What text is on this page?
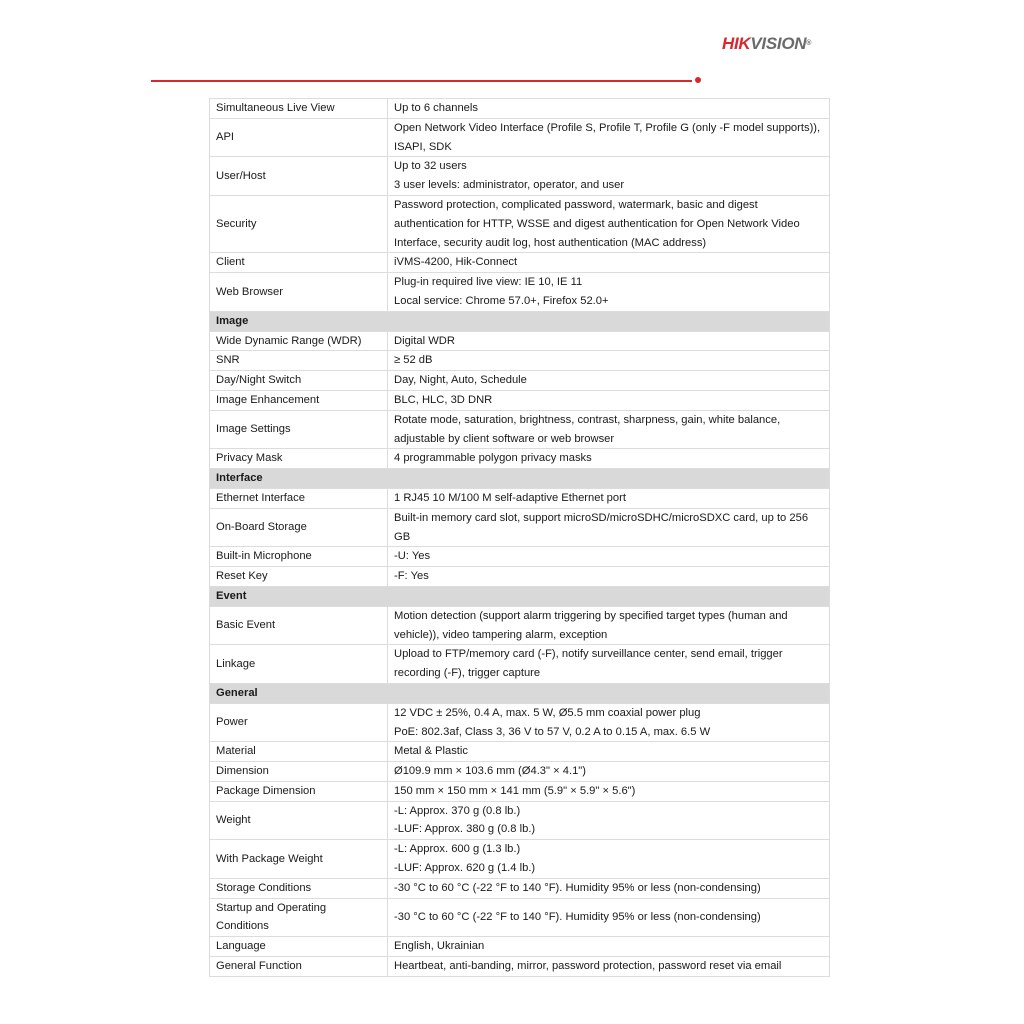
HIKVISION®
Simultaneous Live View	Up to 6 channels

API	Open Network Video Interface (Profile S, Profile T, Profile G (only -F model supports)),
ISAPI, SDK

User/Host	Up to 32 users
3 user levels: administrator, operator, and user

Security	Password protection, complicated password, watermark, basic and digest
authentication for HTTP, WSSE and digest authentication for Open Network Video
Interface, security audit log, host authentication (MAC address)

Client	iVMS-4200, Hik-Connect

Web Browser	Plug-in required live view: IE 10, IE 11
Local service: Chrome 57.0+, Firefox 52.0+

Image	
Wide Dynamic Range (WDR)	Digital WDR

SNR	≥ 52 dB

Day/Night Switch	Day, Night, Auto, Schedule

Image Enhancement	BLC, HLC, 3D DNR

Image Settings	Rotate mode, saturation, brightness, contrast, sharpness, gain, white balance,
adjustable by client software or web browser

Privacy Mask	4 programmable polygon privacy masks

Interface	
Ethernet Interface	1 RJ45 10 M/100 M self-adaptive Ethernet port

On-Board Storage	Built-in memory card slot, support microSD/microSDHC/microSDXC card, up to 256 GB

Built-in Microphone	-U: Yes

Reset Key	-F: Yes

Event	
Basic Event	Motion detection (support alarm triggering by specified target types (human and
vehicle)), video tampering alarm, exception

Linkage	Upload to FTP/memory card (-F), notify surveillance center, send email, trigger
recording (-F), trigger capture

General	
Power	12 VDC ± 25%, 0.4 A, max. 5 W, Ø5.5 mm coaxial power plug
PoE: 802.3af, Class 3, 36 V to 57 V, 0.2 A to 0.15 A, max. 6.5 W

Material	Metal & Plastic

Dimension	Ø109.9 mm × 103.6 mm (Ø4.3" × 4.1")

Package Dimension	150 mm × 150 mm × 141 mm (5.9" × 5.9" × 5.6")

Weight	-L: Approx. 370 g (0.8 lb.)
-LUF: Approx. 380 g (0.8 lb.)

With Package Weight	-L: Approx. 600 g (1.3 lb.)
-LUF: Approx. 620 g (1.4 lb.)

Storage Conditions	-30 °C to 60 °C (-22 °F to 140 °F). Humidity 95% or less (non-condensing)

Startup and Operating Conditions	-30 °C to 60 °C (-22 °F to 140 °F). Humidity 95% or less (non-condensing)

Language	English, Ukrainian

General Function	Heartbeat, anti-banding, mirror, password protection, password reset via email
